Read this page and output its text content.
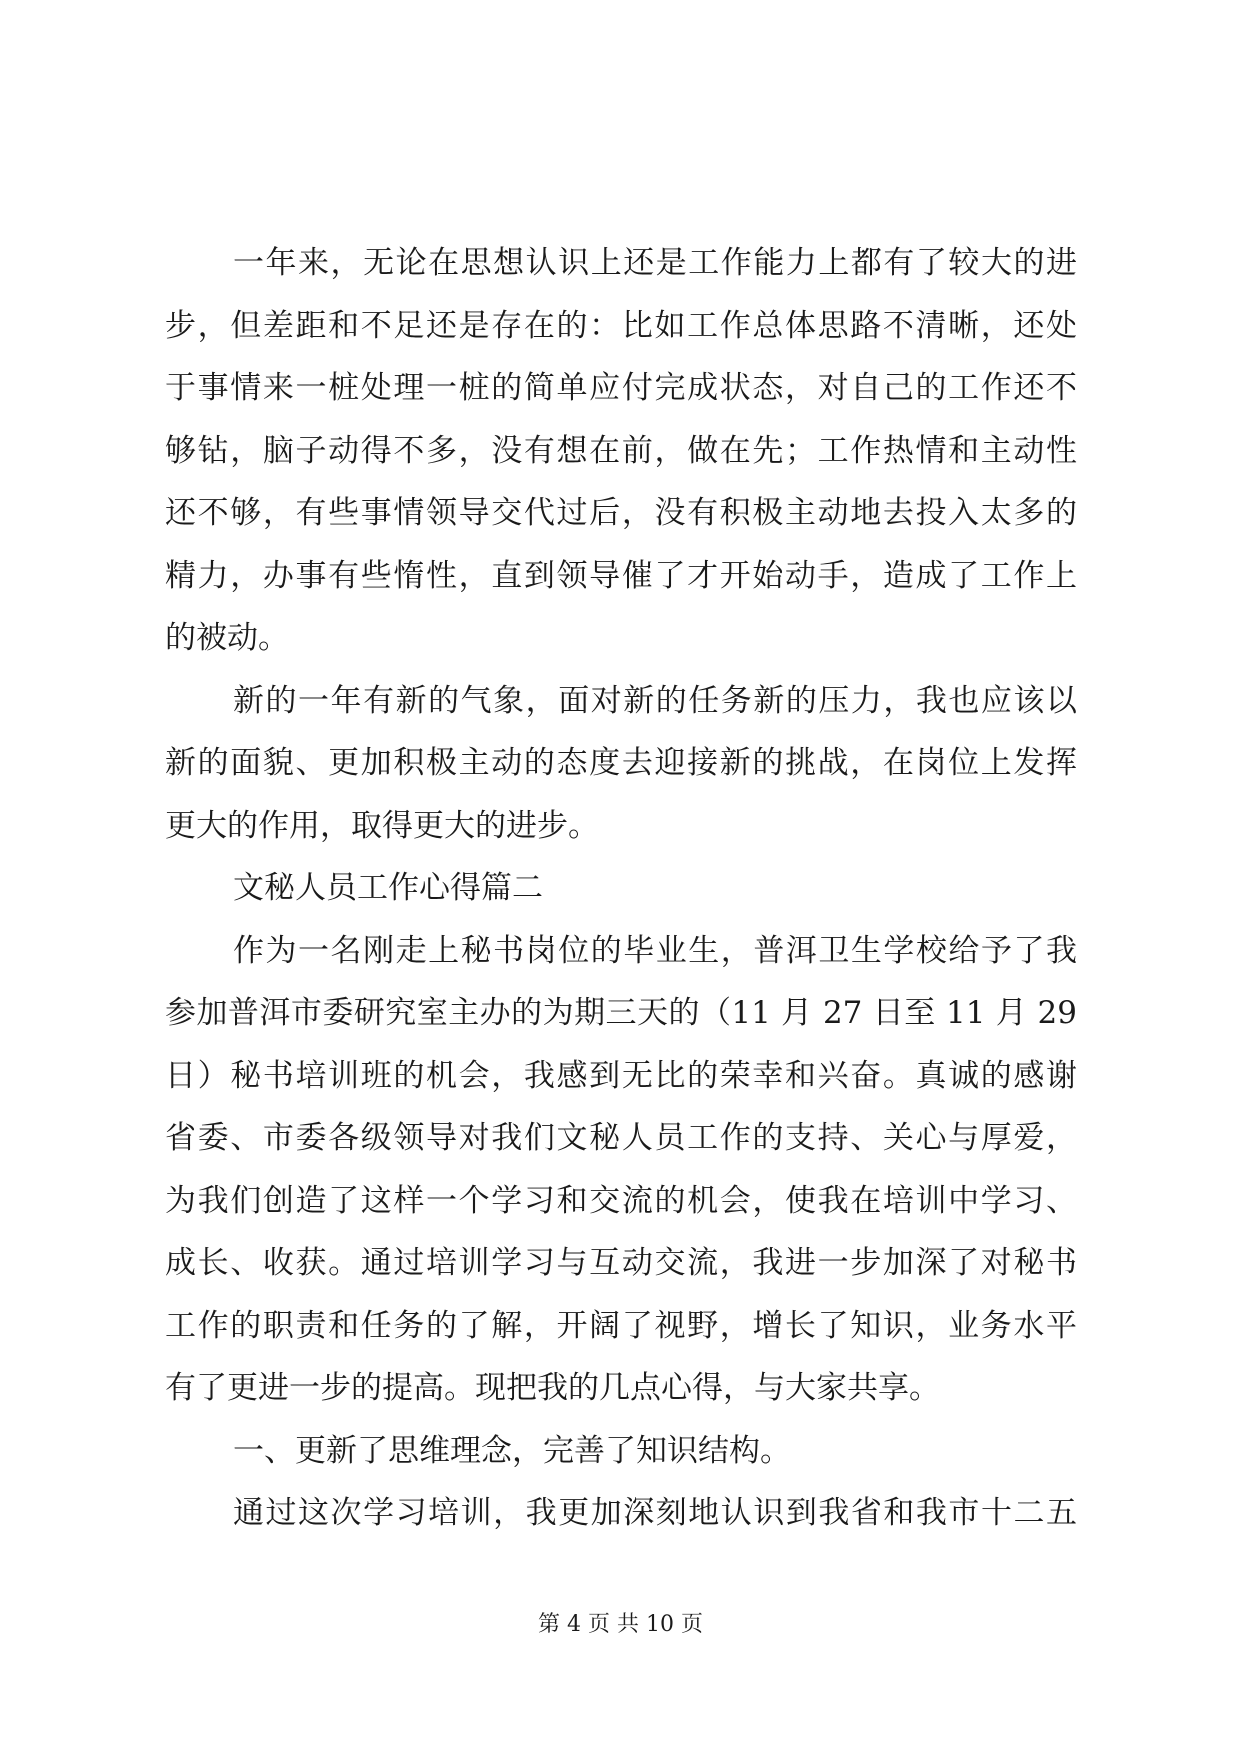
一年来，无论在思想认识上还是工作能力上都有了较大的进
步，但差距和不足还是存在的：比如工作总体思路不清晰，还处
于事情来一桩处理一桩的简单应付完成状态，对自己的工作还不
够钻，脑子动得不多，没有想在前，做在先；工作热情和主动性
还不够，有些事情领导交代过后，没有积极主动地去投入太多的
精力，办事有些惰性，直到领导催了才开始动手，造成了工作上
的被动。
新的一年有新的气象，面对新的任务新的压力，我也应该以
新的面貌、更加积极主动的态度去迎接新的挑战，在岗位上发挥
更大的作用，取得更大的进步。
文秘人员工作心得篇二
作为一名刚走上秘书岗位的毕业生，普洱卫生学校给予了我
参加普洱市委研究室主办的为期三天的（11 月 27 日至 11 月 29
日）秘书培训班的机会，我感到无比的荣幸和兴奋。真诚的感谢
省委、市委各级领导对我们文秘人员工作的支持、关心与厚爱，
为我们创造了这样一个学习和交流的机会，使我在培训中学习、
成长、收获。通过培训学习与互动交流，我进一步加深了对秘书
工作的职责和任务的了解，开阔了视野，增长了知识，业务水平
有了更进一步的提高。现把我的几点心得，与大家共享。
一、更新了思维理念，完善了知识结构。
通过这次学习培训，我更加深刻地认识到我省和我市十二五
第 4 页 共 10 页
